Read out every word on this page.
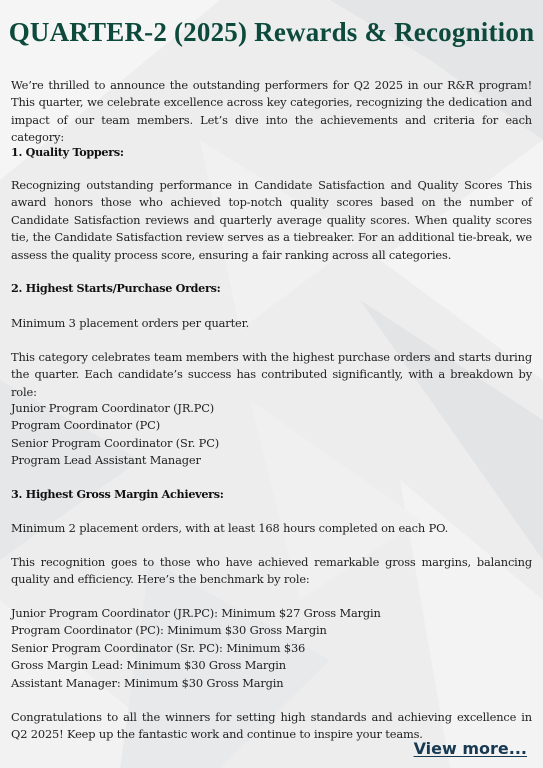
QUARTER-2 (2025) Rewards & Recognition

We’re thrilled to announce the outstanding performers for Q2 2025 in our R&R program! This quarter, we celebrate excellence across key categories, recognizing the dedication and impact of our team members. Let’s dive into the achievements and criteria for each category:

1. Quality Toppers:

Recognizing outstanding performance in Candidate Satisfaction and Quality Scores This award honors those who achieved top-notch quality scores based on the number of Candidate Satisfaction reviews and quarterly average quality scores. When quality scores tie, the Candidate Satisfaction review serves as a tiebreaker. For an additional tie-break, we assess the quality process score, ensuring a fair ranking across all categories.

2. Highest Starts/Purchase Orders:

Minimum 3 placement orders per quarter.

This category celebrates team members with the highest purchase orders and starts during the quarter. Each candidate’s success has contributed significantly, with a breakdown by role:

Junior Program Coordinator (JR.PC)
Program Coordinator (PC)
Senior Program Coordinator (Sr. PC)
Program Lead Assistant Manager

3. Highest Gross Margin Achievers:

Minimum 2 placement orders, with at least 168 hours completed on each PO.

This recognition goes to those who have achieved remarkable gross margins, balancing quality and efficiency. Here’s the benchmark by role:

Junior Program Coordinator (JR.PC): Minimum $27 Gross Margin
Program Coordinator (PC): Minimum $30 Gross Margin
Senior Program Coordinator (Sr. PC): Minimum $36
Gross Margin Lead: Minimum $30 Gross Margin
Assistant Manager: Minimum $30 Gross Margin

Congratulations to all the winners for setting high standards and achieving excellence in Q2 2025! Keep up the fantastic work and continue to inspire your teams.

View more...
